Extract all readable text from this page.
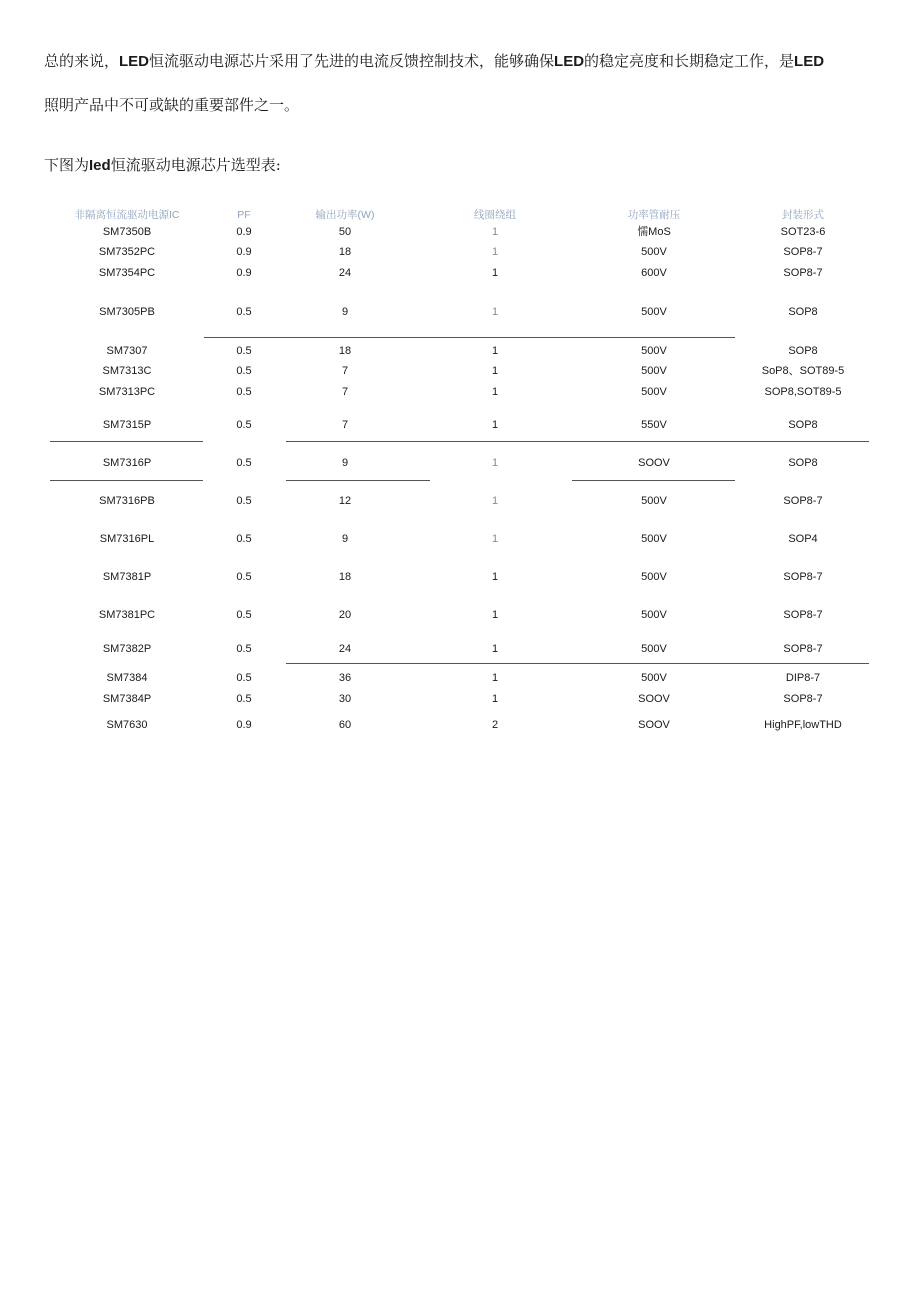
总的来说，LED恒流驱动电源芯片采用了先进的电流反馈控制技术，能够确保LED的稳定亮度和长期稳定工作，是LED

照明产品中不可或缺的重要部件之一。

下图为Ied恒流驱动电源芯片选型表:

非隔离恒流驱动电源IC	PF	输出功率(W)	线圈绕组	功率管耐压	封装形式
SM7350B	0.9	50	1	懦MoS	SOT23-6
SM7352PC	0.9	18	1	500V	SOP8-7
SM7354PC	0.9	24	1	600V	SOP8-7
SM7305PB	0.5	9	1	500V	SOP8
SM7307	0.5	18	1	500V	SOP8
SM7313C	0.5	7	1	500V	SoP8、SOT89-5
SM7313PC	0.5	7	1	500V	SOP8,SOT89-5
SM7315P	0.5	7	1	550V	SOP8
SM7316P	0.5	9	1	SOOV	SOP8
SM7316PB	0.5	12	1	500V	SOP8-7
SM7316PL	0.5	9	1	500V	SOP4
SM7381P	0.5	18	1	500V	SOP8-7
SM7381PC	0.5	20	1	500V	SOP8-7
SM7382P	0.5	24	1	500V	SOP8-7
SM7384	0.5	36	1	500V	DIP8-7
SM7384P	0.5	30	1	SOOV	SOP8-7
SM7630	0.9	60	2	SOOV	HighPF,lowTHD
